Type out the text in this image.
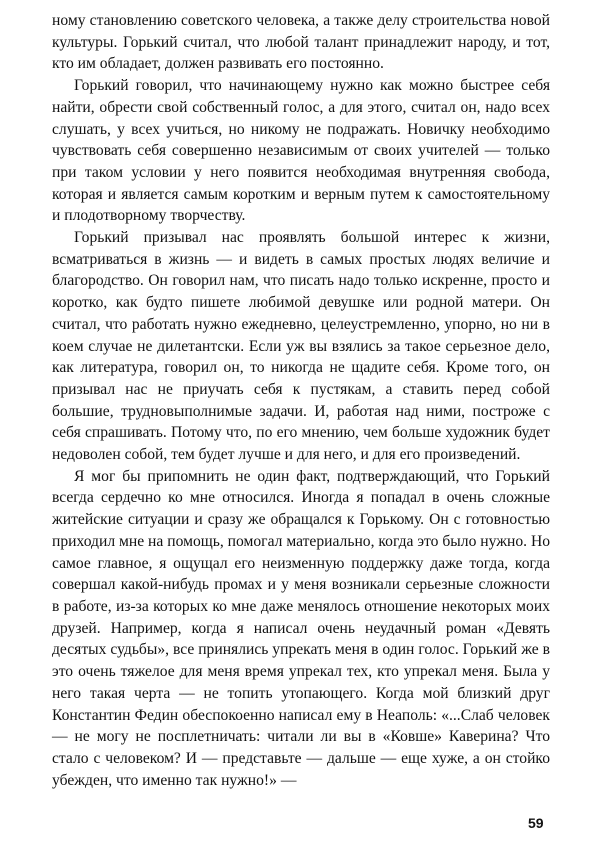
ному становлению советского человека, а также делу строительства новой культуры. Горький считал, что любой талант принадлежит народу, и тот, кто им обладает, должен развивать его постоянно.

Горький говорил, что начинающему нужно как можно быстрее себя найти, обрести свой собственный голос, а для этого, считал он, надо всех слушать, у всех учиться, но никому не подражать. Новичку необходимо чувствовать себя совершенно независимым от своих учителей — только при таком условии у него появится необходимая внутренняя свобода, которая и является самым коротким и верным путем к самостоятельному и плодотворному творчеству.

Горький призывал нас проявлять большой интерес к жизни, всматриваться в жизнь — и видеть в самых простых людях величие и благородство. Он говорил нам, что писать надо только искренне, просто и коротко, как будто пишете любимой девушке или родной матери. Он считал, что работать нужно ежедневно, целеустремленно, упорно, но ни в коем случае не дилетантски. Если уж вы взялись за такое серьезное дело, как литература, говорил он, то никогда не щадите себя. Кроме того, он призывал нас не приучать себя к пустякам, а ставить перед собой большие, трудновыполнимые задачи. И, работая над ними, построже с себя спрашивать. Потому что, по его мнению, чем больше художник будет недоволен собой, тем будет лучше и для него, и для его произведений.

Я мог бы припомнить не один факт, подтверждающий, что Горький всегда сердечно ко мне относился. Иногда я попадал в очень сложные житейские ситуации и сразу же обращался к Горькому. Он с готовностью приходил мне на помощь, помогал материально, когда это было нужно. Но самое главное, я ощущал его неизменную поддержку даже тогда, когда совершал какой-нибудь промах и у меня возникали серьезные сложности в работе, из-за которых ко мне даже менялось отношение некоторых моих друзей. Например, когда я написал очень неудачный роман «Девять десятых судьбы», все принялись упрекать меня в один голос. Горький же в это очень тяжелое для меня время упрекал тех, кто упрекал меня. Была у него такая черта — не топить утопающего. Когда мой близкий друг Константин Федин обеспокоенно написал ему в Неаполь: «...Слаб человек — не могу не посплетничать: читали ли вы в «Ковше» Каверина? Что стало с человеком? И — представьте — дальше — еще хуже, а он стойко убежден, что именно так нужно!» —

59
